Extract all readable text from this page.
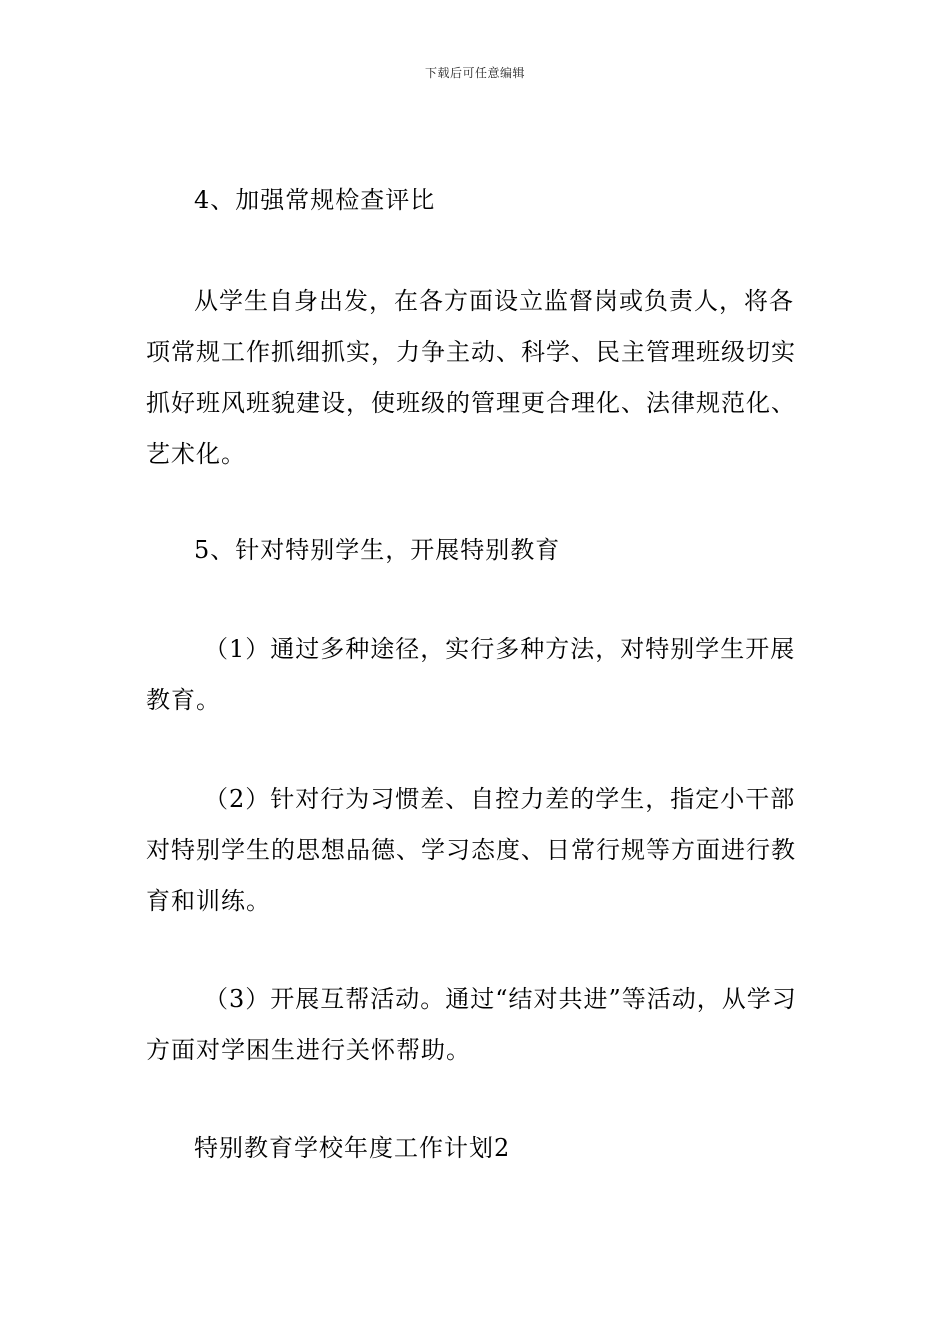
下载后可任意编辑

4、加强常规检查评比

从学生自身出发，在各方面设立监督岗或负责人，将各项常规工作抓细抓实，力争主动、科学、民主管理班级切实抓好班风班貌建设，使班级的管理更合理化、法律规范化、艺术化。

5、针对特别学生，开展特别教育

（1）通过多种途径，实行多种方法，对特别学生开展教育。

（2）针对行为习惯差、自控力差的学生，指定小干部对特别学生的思想品德、学习态度、日常行规等方面进行教育和训练。

（3）开展互帮活动。通过“结对共进”等活动，从学习方面对学困生进行关怀帮助。

特别教育学校年度工作计划2
